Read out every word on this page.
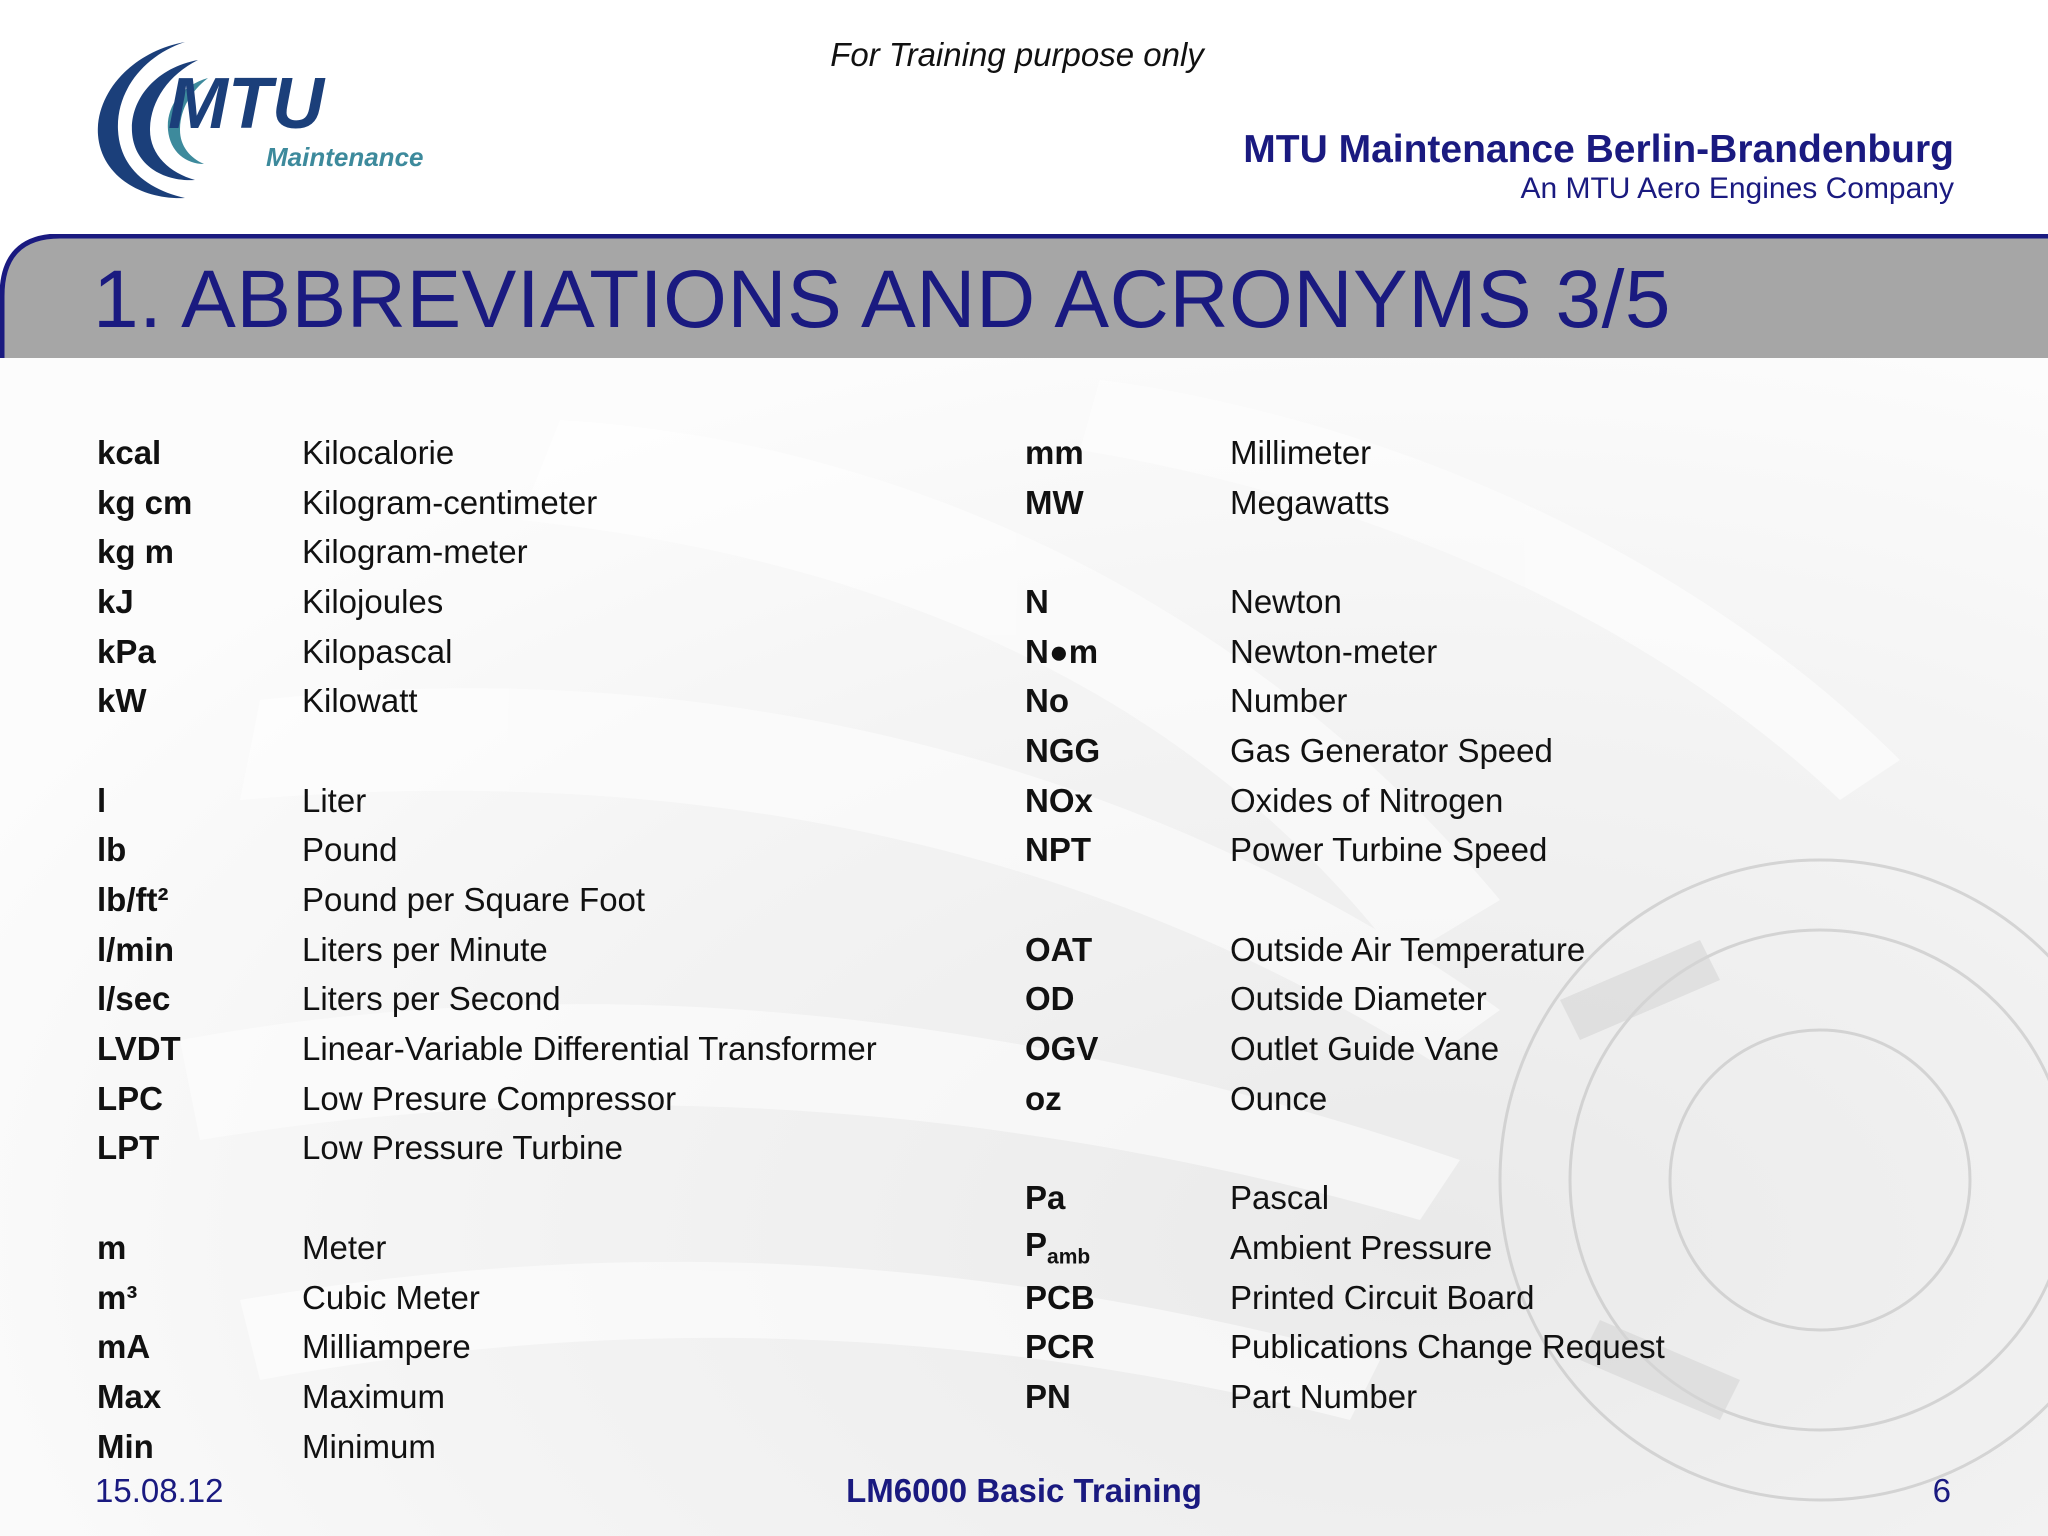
For Training purpose only
MTU
Maintenance	MTU Maintenance Berlin-Brandenburg
An MTU Aero Engines Company
1. ABBREVIATIONS AND ACRONYMS 3/5
kcal	Kilocalorie
kg cm	Kilogram-centimeter
kg m	Kilogram-meter
kJ	Kilojoules
kPa	Kilopascal
kW	Kilowatt
l	Liter
lb	Pound
lb/ft²	Pound per Square Foot
l/min	Liters per Minute
l/sec	Liters per Second
LVDT	Linear-Variable Differential Transformer
LPC	Low Presure Compressor
LPT	Low Pressure Turbine
m	Meter
m³	Cubic Meter
mA	Milliampere
Max	Maximum
Min	Minimum
mm	Millimeter
MW	Megawatts
N	Newton
N●m	Newton-meter
No	Number
NGG	Gas Generator Speed
NOx	Oxides of Nitrogen
NPT	Power Turbine Speed
OAT	Outside Air Temperature
OD	Outside Diameter
OGV	Outlet Guide Vane
oz	Ounce
Pa	Pascal
$P_{amb}$	Ambient Pressure
PCB	Printed Circuit Board
PCR	Publications Change Request
PN	Part Number
15.08.12	LM6000 Basic Training	6
